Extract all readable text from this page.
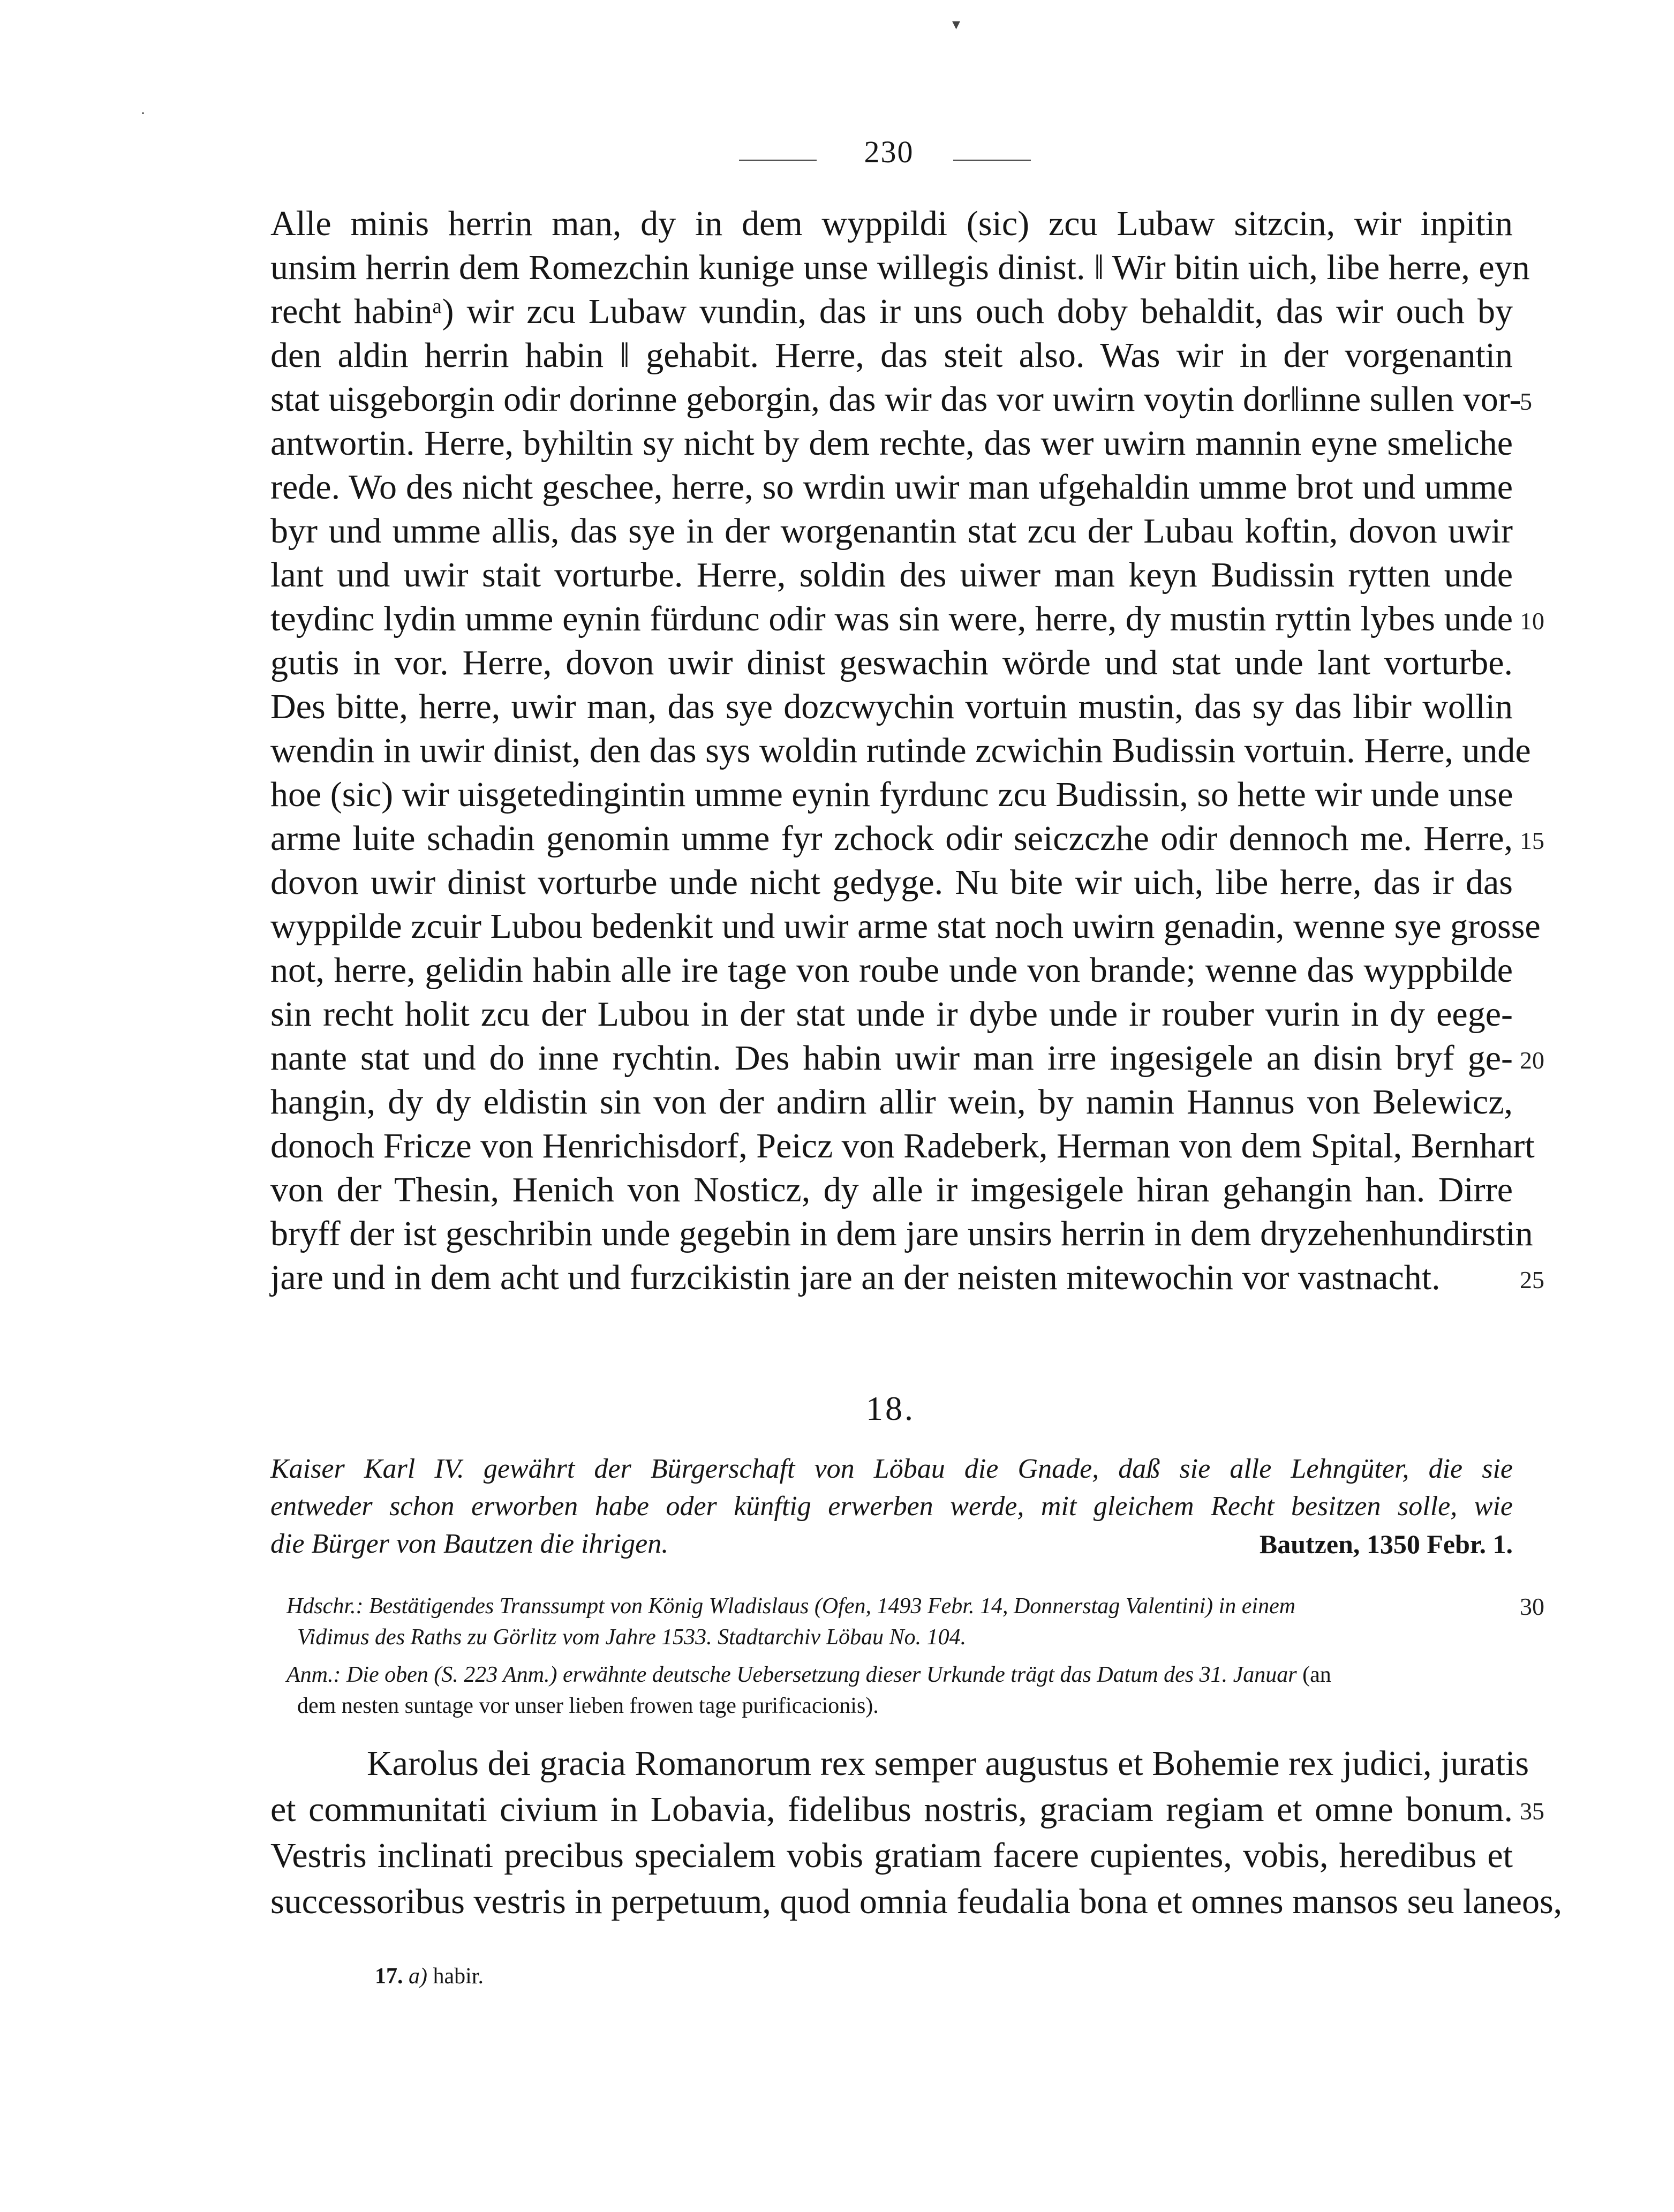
▾
·
230
Alle minis herrin man, dy in dem wyppildi (sic) zcu Lubaw sitzcin, wir inpitin
unsim herrin dem Romezchin kunige unse willegis dinist. ‖ Wir bitin uich, libe herre, eyn
recht habinᵃ) wir zcu Lubaw vundin, das ir uns ouch doby behaldit, das wir ouch by
den aldin herrin habin ‖ gehabit. Herre, das steit also. Was wir in der vorgenantin
stat uisgeborgin odir dorinne geborgin, das wir das vor uwirn voytin dor‖inne sullen vor-
5
antwortin. Herre, byhiltin sy nicht by dem rechte, das wer uwirn mannin eyne smeliche
rede. Wo des nicht geschee, herre, so wrdin uwir man ufgehaldin umme brot und umme
byr und umme allis, das sye in der worgenantin stat zcu der Lubau koftin, dovon uwir
lant und uwir stait vorturbe. Herre, soldin des uiwer man keyn Budissin rytten unde
teydinc lydin umme eynin fürdunc odir was sin were, herre, dy mustin ryttin lybes unde 10
gutis in vor. Herre, dovon uwir dinist geswachin wörde und stat unde lant vorturbe.
Des bitte, herre, uwir man, das sye dozcwychin vortuin mustin, das sy das libir wollin
wendin in uwir dinist, den das sys woldin rutinde zcwichin Budissin vortuin. Herre, unde
hoe (sic) wir uisgetedingintin umme eynin fyrdunc zcu Budissin, so hette wir unde unse
arme luite schadin genomin umme fyr zchock odir seiczczhe odir dennoch me. Herre, 15
dovon uwir dinist vorturbe unde nicht gedyge. Nu bite wir uich, libe herre, das ir das
wyppilde zcuir Lubou bedenkit und uwir arme stat noch uwirn genadin, wenne sye grosse
not, herre, gelidin habin alle ire tage von roube unde von brande; wenne das wyppbilde
sin recht holit zcu der Lubou in der stat unde ir dybe unde ir rouber vurin in dy eege-
nante stat und do inne rychtin. Des habin uwir man irre ingesigele an disin bryf ge- 20
hangin, dy dy eldistin sin von der andirn allir wein, by namin Hannus von Belewicz,
donoch Fricze von Henrichisdorf, Peicz von Radeberk, Herman von dem Spital, Bernhart
von der Thesin, Henich von Nosticz, dy alle ir imgesigele hiran gehangin han. Dirre
bryff der ist geschribin unde gegebin in dem jare unsirs herrin in dem dryzehenhundirstin
jare und in dem acht und furzcikistin jare an der neisten mitewochin vor vastnacht.	25
18.
Kaiser Karl IV. gewährt der Bürgerschaft von Löbau die Gnade, daß sie alle Lehngüter, die sie
entweder schon erworben habe oder künftig erwerben werde, mit gleichem Recht besitzen solle, wie
die Bürger von Bautzen die ihrigen.	Bautzen, 1350 Febr. 1.
Hdschr.: Bestätigendes Transsumpt von König Wladislaus (Ofen, 1493 Febr. 14, Donnerstag Valentini) in einem	30
Vidimus des Raths zu Görlitz vom Jahre 1533. Stadtarchiv Löbau No. 104.
Anm.: Die oben (S. 223 Anm.) erwähnte deutsche Uebersetzung dieser Urkunde trägt das Datum des 31. Januar (an
dem nesten suntage vor unser lieben frowen tage purificacionis).
Karolus dei gracia Romanorum rex semper augustus et Bohemie rex judici, juratis
et communitati civium in Lobavia, fidelibus nostris, graciam regiam et omne bonum. 35
Vestris inclinati precibus specialem vobis gratiam facere cupientes, vobis, heredibus et
successoribus vestris in perpetuum, quod omnia feudalia bona et omnes mansos seu laneos,
17. a) habir.
